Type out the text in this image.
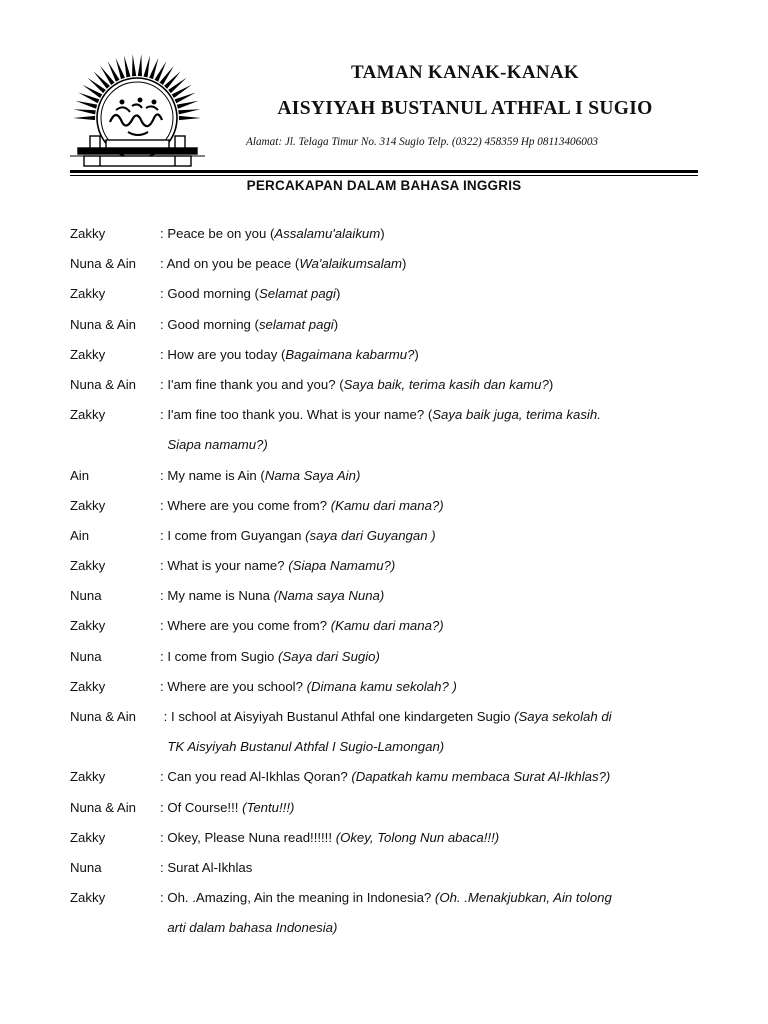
TAMAN KANAK-KANAK
AISYIYAH BUSTANUL ATHFAL I SUGIO
Alamat: Jl. Telaga Timur No. 314 Sugio Telp. (0322) 458359 Hp 08113406003
PERCAKAPAN DALAM BAHASA INGGRIS
Zakky	: Peace be on you (Assalamu'alaikum)
Nuna & Ain	: And on you be peace (Wa'alaikumsalam)
Zakky	: Good morning (Selamat pagi)
Nuna & Ain	: Good morning (selamat pagi)
Zakky	: How are you today (Bagaimana kabarmu?)
Nuna & Ain	: I'am fine thank you and you? (Saya baik, terima kasih dan kamu?)
Zakky	: I'am fine too thank you. What is your name? (Saya baik juga, terima kasih.
Siapa namamu?)
Ain	: My name is Ain (Nama Saya Ain)
Zakky	: Where are you come from? (Kamu dari mana?)
Ain	: I come from Guyangan (saya dari Guyangan )
Zakky	: What is your name? (Siapa Namamu?)
Nuna	: My name is Nuna (Nama saya Nuna)
Zakky	: Where are you come from? (Kamu dari mana?)
Nuna	: I come from Sugio (Saya dari Sugio)
Zakky	: Where are you school? (Dimana kamu sekolah? )
Nuna & Ain	: I school at Aisyiyah Bustanul Athfal one kindargeten Sugio (Saya sekolah di
TK Aisyiyah Bustanul Athfal I Sugio-Lamongan)
Zakky	: Can you read Al-Ikhlas Qoran? (Dapatkah kamu membaca Surat Al-Ikhlas?)
Nuna & Ain	: Of Course!!! (Tentu!!!)
Zakky	: Okey, Please Nuna read!!!!!! (Okey, Tolong Nun abaca!!!)
Nuna	: Surat Al-Ikhlas
Zakky	: Oh. .Amazing, Ain the meaning in Indonesia? (Oh. .Menakjubkan, Ain tolong
arti dalam bahasa Indonesia)
